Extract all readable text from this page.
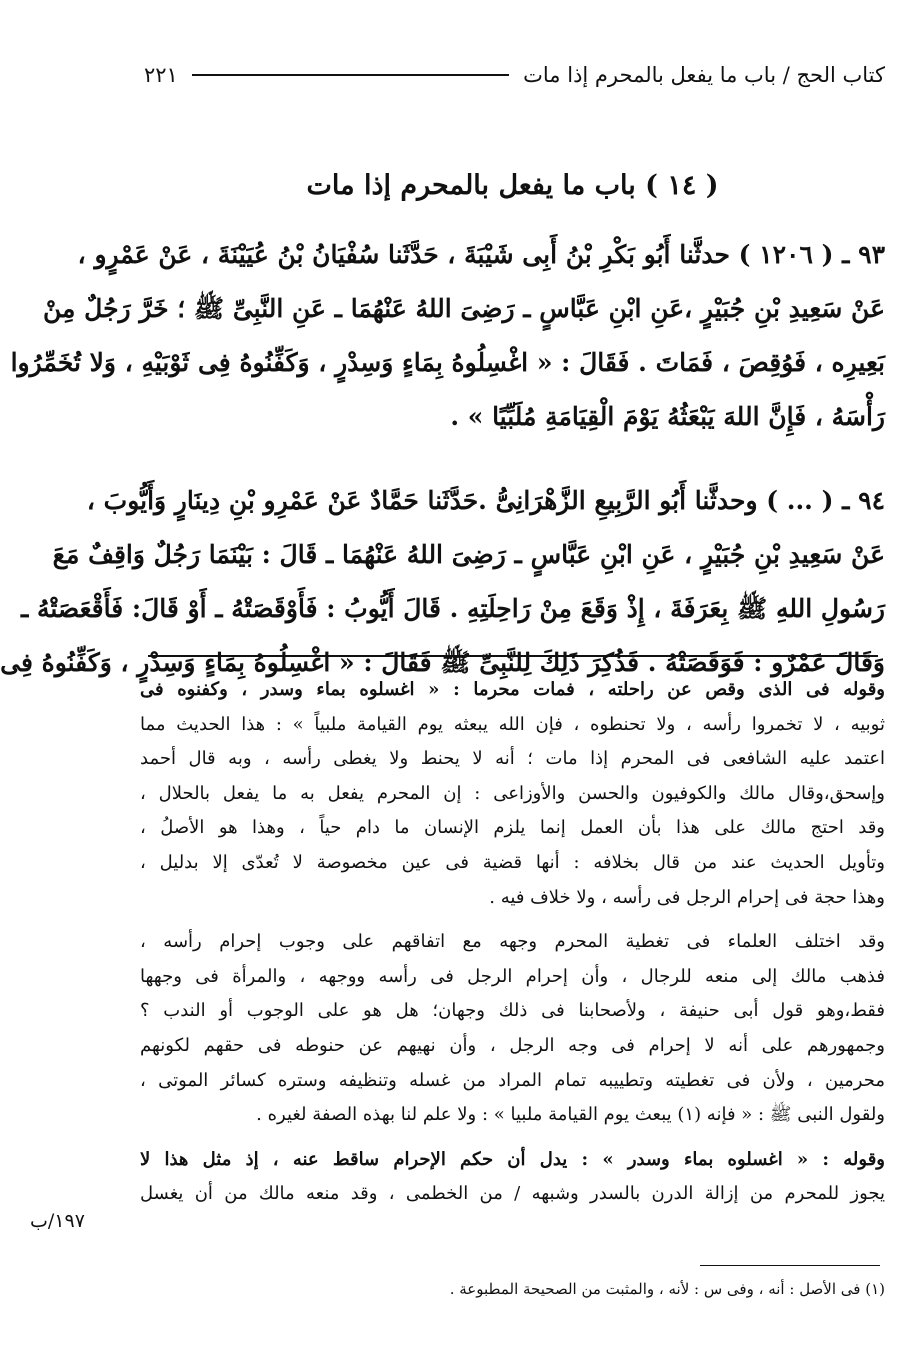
كتاب الحج / باب ما يفعل بالمحرم إذا مات
٢٢١
( ١٤ ) باب ما يفعل بالمحرم إذا مات
٩٣ ـ ( ١٢٠٦ ) حدثَّنا أَبُو بَكْرِ بْنُ أَبِى شَيْبَةَ ، حَدَّثَنا سُفْيَانُ بْنُ عُيَيْنَةَ ، عَنْ عَمْرٍو ،
عَنْ سَعِيدِ بْنِ جُبَيْرٍ ،عَنِ ابْنِ عَبَّاسٍ ـ رَضِىَ اللهُ عَنْهُمَا ـ عَنِ النَّبِىِّ ﷺ ؛ خَرَّ رَجُلٌ مِنْ
بَعِيرِه ، فَوُقِصَ ، فَمَاتَ . فَقَالَ : « اغْسِلُوهُ بِمَاءٍ وَسِدْرٍ ، وَكَفِّنُوهُ فِى ثَوْبَيْهِ ، وَلا تُخَمِّرُوا
رَأْسَهُ ، فَإِنَّ اللهَ يَبْعَثُهُ يَوْمَ الْقِيَامَةِ مُلَبِّيًا » .
٩٤ ـ ( ... ) وحدثَّنا أَبُو الرَّبِيعِ الزَّهْرَانِىُّ .حَدَّثَنا حَمَّادٌ عَنْ عَمْرِو بْنِ دِينَارٍ وَأَيُّوبَ ،
عَنْ سَعِيدِ بْنِ جُبَيْرٍ ، عَنِ ابْنِ عَبَّاسٍ ـ رَضِىَ اللهُ عَنْهُمَا ـ قَالَ : بَيْنَمَا رَجُلٌ وَاقِفٌ مَعَ
رَسُولِ اللهِ ﷺ بِعَرَفَةَ ، إِذْ وَقَعَ مِنْ رَاحِلَتِهِ . قَالَ أَيُّوبُ : فَأَوْقَصَتْهُ ـ أَوْ قَالَ: فَأَقْعَصَتْهُ ـ
وَقَالَ عَمْرٌو : فَوَقَصَتْهُ . فَذُكِرَ ذَلِكَ لِلنَّبِىِّ ﷺ فَقَالَ : « اغْسِلُوهُ بِمَاءٍ وَسِدْرٍ ، وَكَفِّنُوهُ فِى
وقوله فى الذى وقص عن راحلته ، فمات محرما : « اغسلوه بماء وسدر ، وكفنوه فى
ثوبيه ، لا تخمروا رأسه ، ولا تحنطوه ، فإن الله يبعثه يوم القيامة ملبياً » : هذا الحديث مما
اعتمد عليه الشافعى فى المحرم إذا مات ؛ أنه لا يحنط ولا يغطى رأسه ، وبه قال أحمد
وإسحق،وقال مالك والكوفيون والحسن والأوزاعى : إن المحرم يفعل به ما يفعل بالحلال ،
وقد احتج مالك على هذا بأن العمل إنما يلزم الإنسان ما دام حياً ، وهذا هو الأصلُ ،
وتأويل الحديث عند من قال بخلافه : أنها قضية فى عين مخصوصة لا تُعدّى إلا بدليل ،
وهذا حجة فى إحرام الرجل فى رأسه ، ولا خلاف فيه .
وقد اختلف العلماء فى تغطية المحرم وجهه مع اتفاقهم على وجوب إحرام رأسه ،
فذهب مالك إلى منعه للرجال ، وأن إحرام الرجل فى رأسه ووجهه ، والمرأة فى وجهها
فقط،وهو قول أبى حنيفة ، ولأصحابنا فى ذلك وجهان؛ هل هو على الوجوب أو الندب ؟
وجمهورهم على أنه لا إحرام فى وجه الرجل ، وأن نهيهم عن حنوطه فى حقهم لكونهم
محرمين ، ولأن فى تغطيته وتطييبه تمام المراد من غسله وتنظيفه وستره كسائر الموتى ،
ولقول النبى ﷺ : « فإنه (١) يبعث يوم القيامة ملبيا » : ولا علم لنا بهذه الصفة لغيره .
وقوله : « اغسلوه بماء وسدر » : يدل أن حكم الإحرام ساقط عنه ، إذ مثل هذا لا
يجوز للمحرم من إزالة الدرن بالسدر وشبهه / من الخطمى ، وقد منعه مالك من أن يغسل
١٩٧/ب
(١) فى الأصل : أنه ، وفى س : لأنه ، والمثبت من الصحيحة المطبوعة .
